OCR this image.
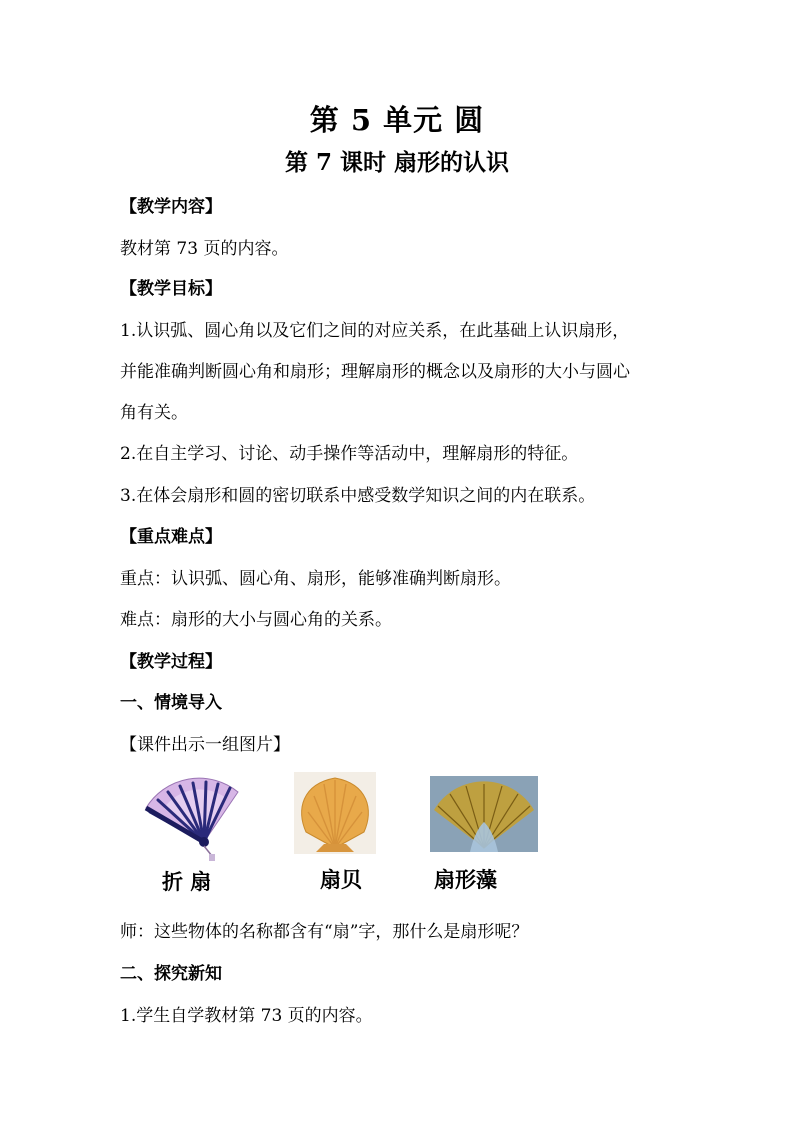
第 5 单元 圆
第 7 课时 扇形的认识
【教学内容】
教材第 73 页的内容。
【教学目标】
1.认识弧、圆心角以及它们之间的对应关系，在此基础上认识扇形，
并能准确判断圆心角和扇形；理解扇形的概念以及扇形的大小与圆心
角有关。
2.在自主学习、讨论、动手操作等活动中，理解扇形的特征。
3.在体会扇形和圆的密切联系中感受数学知识之间的内在联系。
【重点难点】
重点：认识弧、圆心角、扇形，能够准确判断扇形。
难点：扇形的大小与圆心角的关系。
【教学过程】
一、情境导入
【课件出示一组图片】
折 扇	扇贝	扇形藻
师：这些物体的名称都含有“扇”字，那什么是扇形呢？
二、探究新知
1.学生自学教材第 73 页的内容。
